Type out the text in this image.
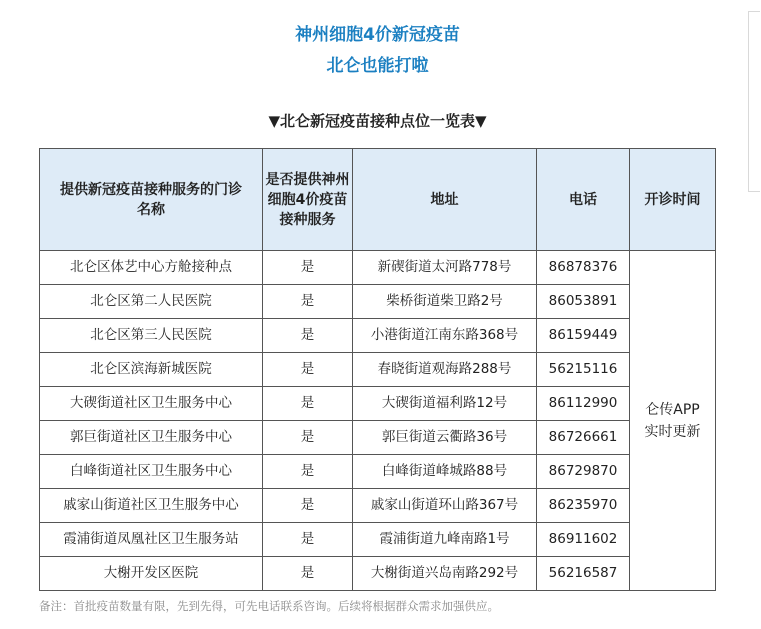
神州细胞4价新冠疫苗
北仑也能打啦
▼北仑新冠疫苗接种点位一览表▼
提供新冠疫苗接种服务的门诊名称	是否提供神州细胞4价疫苗接种服务	地址	电话	开诊时间
北仑区体艺中心方舱接种点	是	新碶街道太河路778号	86878376	仑传APP实时更新

北仑区第二人民医院	是	柴桥街道柴卫路2号	86053891	
北仑区第三人民医院	是	小港街道江南东路368号	86159449	
北仑区滨海新城医院	是	春晓街道观海路288号	56215116	
大碶街道社区卫生服务中心	是	大碶街道福利路12号	86112990	
郭巨街道社区卫生服务中心	是	郭巨街道云衢路36号	86726661	
白峰街道社区卫生服务中心	是	白峰街道峰城路88号	86729870	
戚家山街道社区卫生服务中心	是	戚家山街道环山路367号	86235970	
霞浦街道凤凰社区卫生服务站	是	霞浦街道九峰南路1号	86911602	
大榭开发区医院	是	大榭街道兴岛南路292号	56216587	
备注：首批疫苗数量有限，先到先得，可先电话联系咨询。后续将根据群众需求加强供应。
